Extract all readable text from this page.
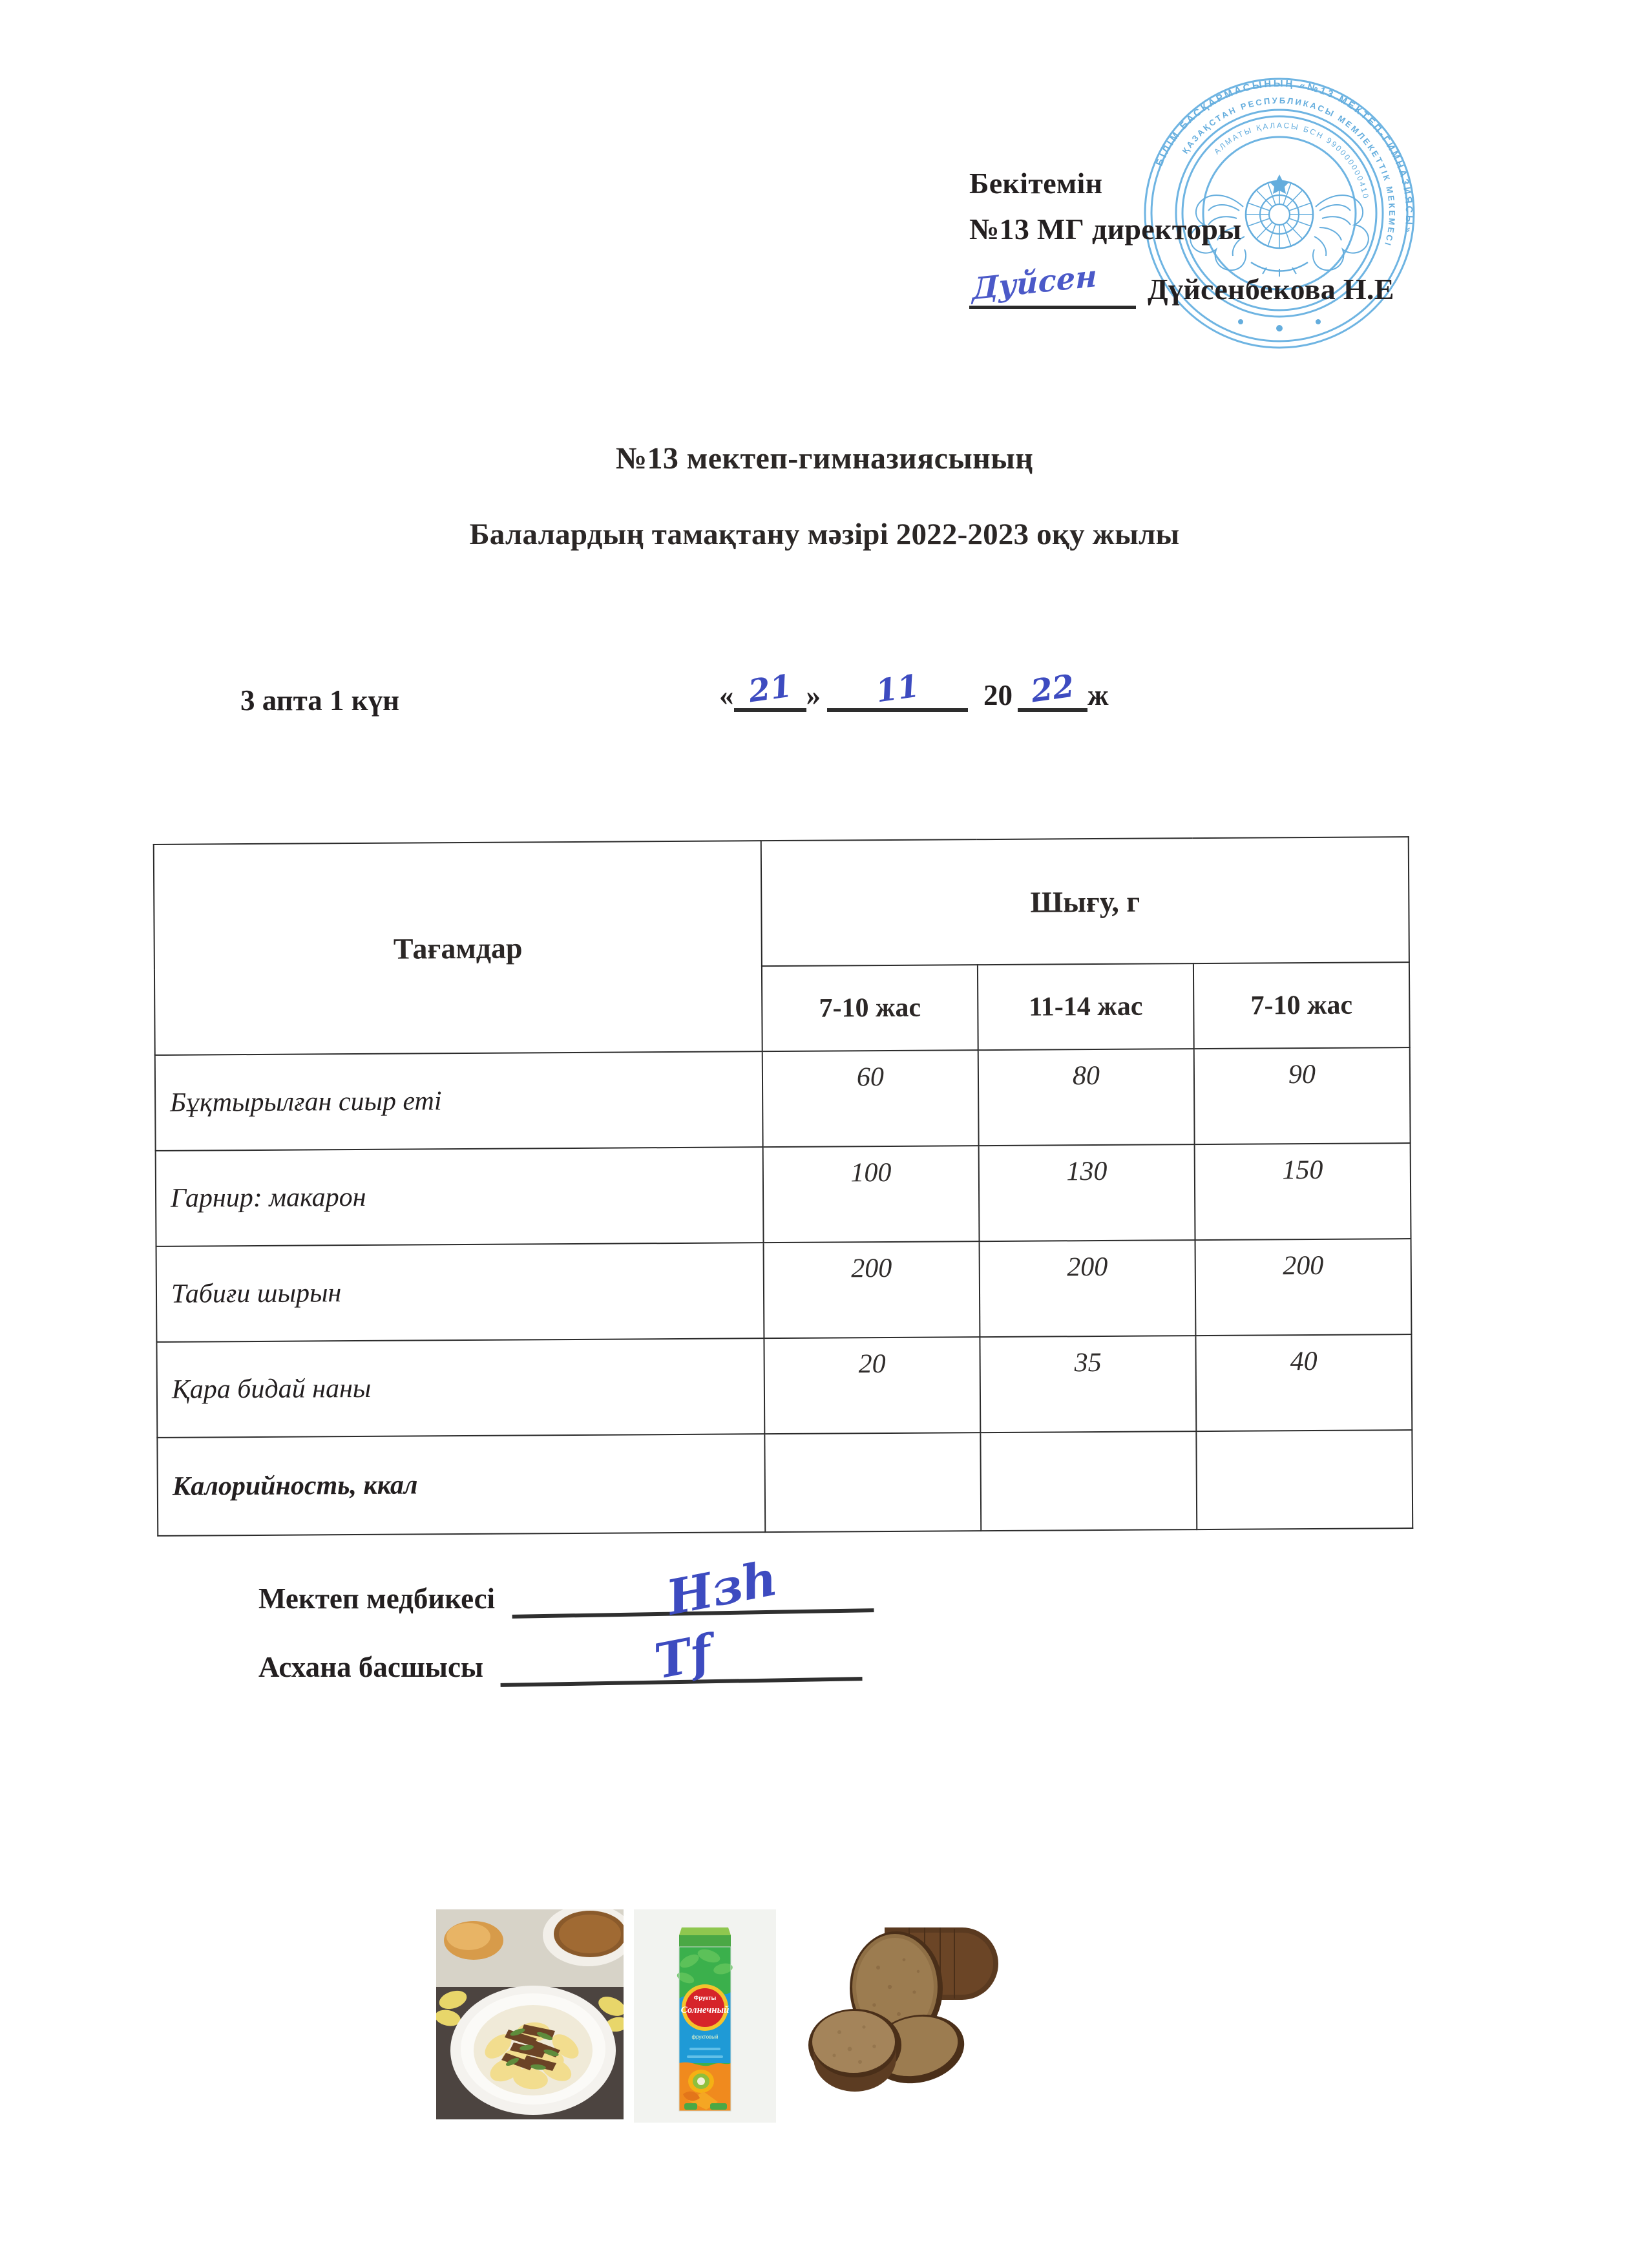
БІЛІМ БАСҚАРМАСЫНЫҢ «№13 МЕКТЕП-ГИМНАЗИЯСЫ»
ҚАЗАҚСТАН РЕСПУБЛИКАСЫ МЕМЛЕКЕТТІК МЕКЕМЕСІ
АЛМАТЫ ҚАЛАСЫ БСН 990000000410
Бекітемін
№13 МГ директоры
Дуйсен Дүйсенбекова Н.Е
№13 мектеп-гимназиясының
Балалардың тамақтану мәзірі 2022-2023 оқу жылы
3 апта 1 күн	« 21 » 11 20 22 ж
Тағамдар	Шығу, г		
	7-10 жас	11-14 жас	7-10 жас
Бұқтырылған сиыр еті	60	80	90
Гарнир: макарон	100	130	150
Табиғи шырын	200	200	200
Қара бидай наны	20	35	40
Калорийность, ккал			
Мектеп медбикесі	Hзh
Асхана басшысы	Tf
Фрукты
Солнечный
фруктовый
